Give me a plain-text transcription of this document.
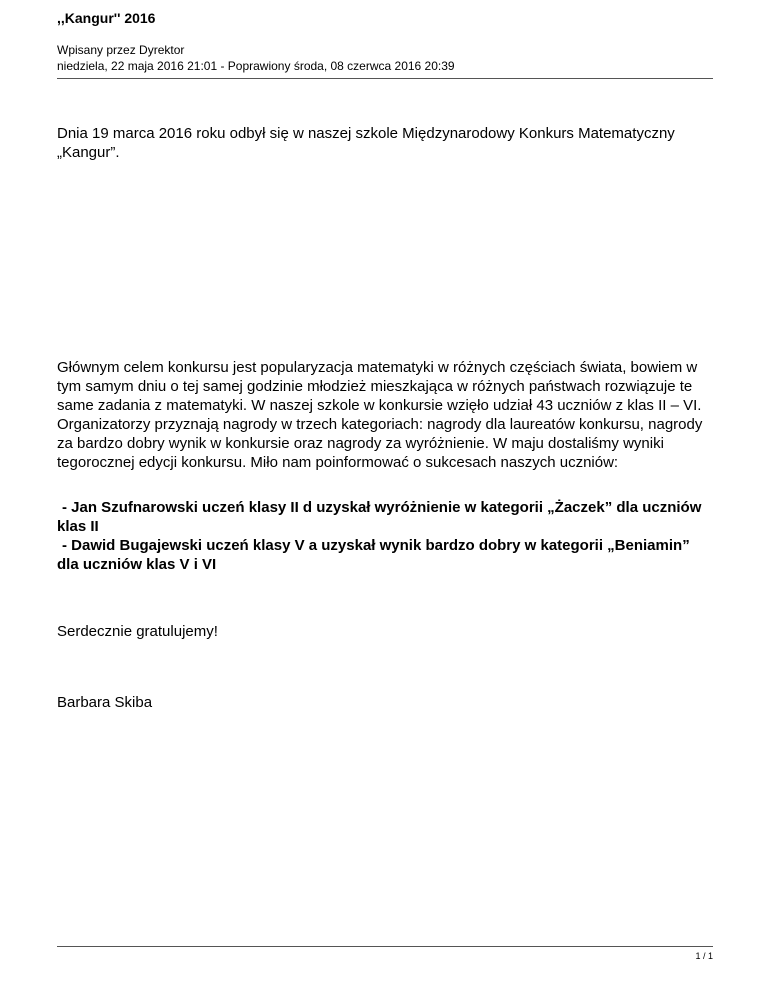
,,Kangur'' 2016
Wpisany przez Dyrektor
niedziela, 22 maja 2016 21:01 - Poprawiony środa, 08 czerwca 2016 20:39

Dnia 19 marca 2016 roku odbył się w naszej szkole Międzynarodowy Konkurs Matematyczny „Kangur”.

Głównym celem konkursu jest popularyzacja matematyki w różnych częściach świata, bowiem w tym samym dniu o tej samej godzinie młodzież mieszkająca w różnych państwach rozwiązuje te same zadania z matematyki. W naszej szkole w konkursie wzięło udział 43 uczniów z klas II – VI. Organizatorzy przyznają nagrody w trzech kategoriach: nagrody dla laureatów konkursu, nagrody za bardzo dobry wynik w konkursie oraz nagrody za wyróżnienie. W maju dostaliśmy wyniki tegorocznej edycji konkursu. Miło nam poinformować o sukcesach naszych uczniów:

- Jan Szufnarowski uczeń klasy II d uzyskał wyróżnienie w kategorii „Żaczek” dla uczniów klas II
- Dawid Bugajewski uczeń klasy V a uzyskał wynik bardzo dobry w kategorii „Beniamin” dla uczniów klas V i VI

Serdecznie gratulujemy!

Barbara Skiba

1 / 1
